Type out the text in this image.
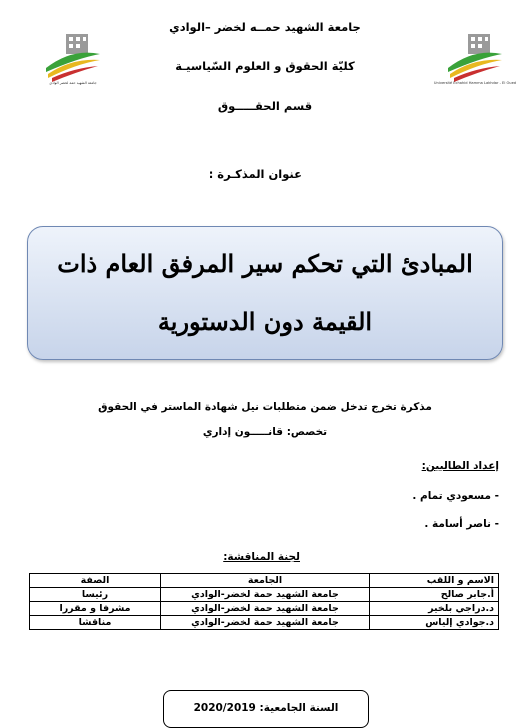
جامعة الشهيد حمة لخضر الوادي	Université Echahid Hamma Lakhdar - El Oued
جامعة الشهيد حمــه لخضر –الوادي
كليّة الحقوق و العلوم السّياسيـة
قسم الحقـــــوق
عنوان المذكـرة :
المبادئ التي تحكم سير المرفق العام ذات
القيمة دون الدستورية
مذكرة تخرج تدخل ضمن متطلبات نيل شهادة الماستر في الحقوق
تخصص: قانـــــون إداري
إعداد الطالبين:
- مسعودي تمام .
- ناصر أسامة .
لجنة المناقشة:
الاسم و اللقب	الجامعة	الصفة
أ.جابر صالح	جامعة الشهيد حمة لخضر-الوادي	رئيسا
د.دراجي بلخير	جامعة الشهيد حمة لخضر-الوادي	مشرفا و مقررا
د.جوادي إلياس	جامعة الشهيد حمة لخضر-الوادي	مناقشا
السنة الجامعية: 2020/2019
